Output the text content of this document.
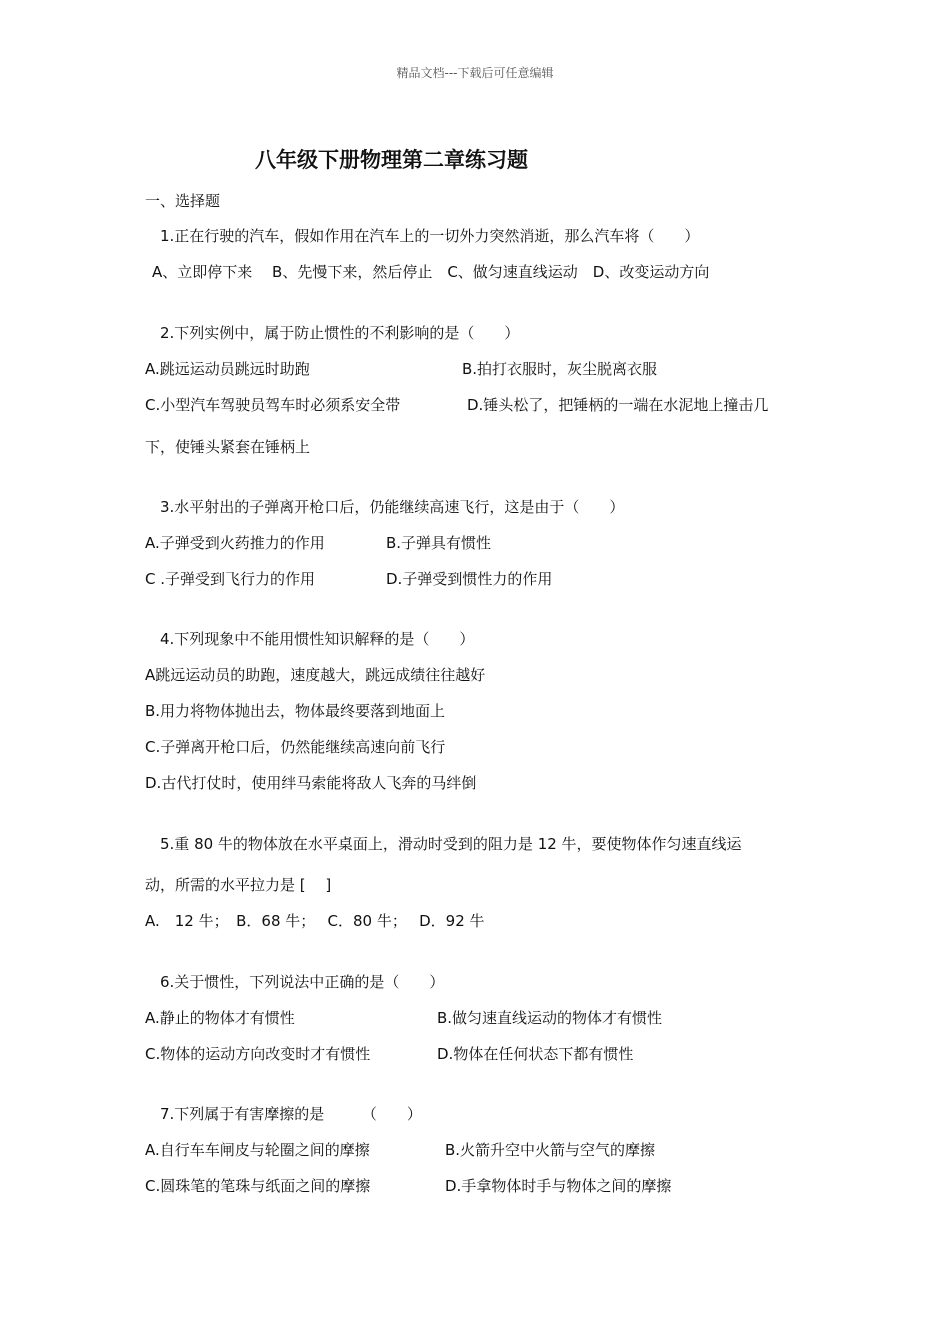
精品文档---下载后可任意编辑
八年级下册物理第二章练习题
一、选择题
1.正在行驶的汽车，假如作用在汽车上的一切外力突然消逝，那么汽车将（　　）
A、立即停下来　 B、先慢下来，然后停止　C、做匀速直线运动　D、改变运动方向
2.下列实例中，属于防止惯性的不利影响的是（　　）
A.跳远运动员跳远时助跑	B.拍打衣服时，灰尘脱离衣服
C.小型汽车驾驶员驾车时必须系安全带	D.锤头松了，把锤柄的一端在水泥地上撞击几
下，使锤头紧套在锤柄上
3.水平射出的子弹离开枪口后，仍能继续高速飞行，这是由于（　　）
A.子弹受到火药推力的作用	B.子弹具有惯性
C .子弹受到飞行力的作用	D.子弹受到惯性力的作用
4.下列现象中不能用惯性知识解释的是（　　）
A跳远运动员的助跑，速度越大，跳远成绩往往越好
B.用力将物体抛出去，物体最终要落到地面上
C.子弹离开枪口后，仍然能继续高速向前飞行
D.古代打仗时，使用绊马索能将敌人飞奔的马绊倒
5.重 80 牛的物体放在水平桌面上，滑动时受到的阻力是 12 牛，要使物体作匀速直线运
动，所需的水平拉力是 [　 ]
A.　12 牛；　B．68 牛；　 C．80 牛；　 D．92 牛
6.关于惯性，下列说法中正确的是（　　）
A.静止的物体才有惯性	B.做匀速直线运动的物体才有惯性
C.物体的运动方向改变时才有惯性	D.物体在任何状态下都有惯性
7.下列属于有害摩擦的是　　　（　　）
A.自行车车闸皮与轮圈之间的摩擦	B.火箭升空中火箭与空气的摩擦
C.圆珠笔的笔珠与纸面之间的摩擦	D.手拿物体时手与物体之间的摩擦
